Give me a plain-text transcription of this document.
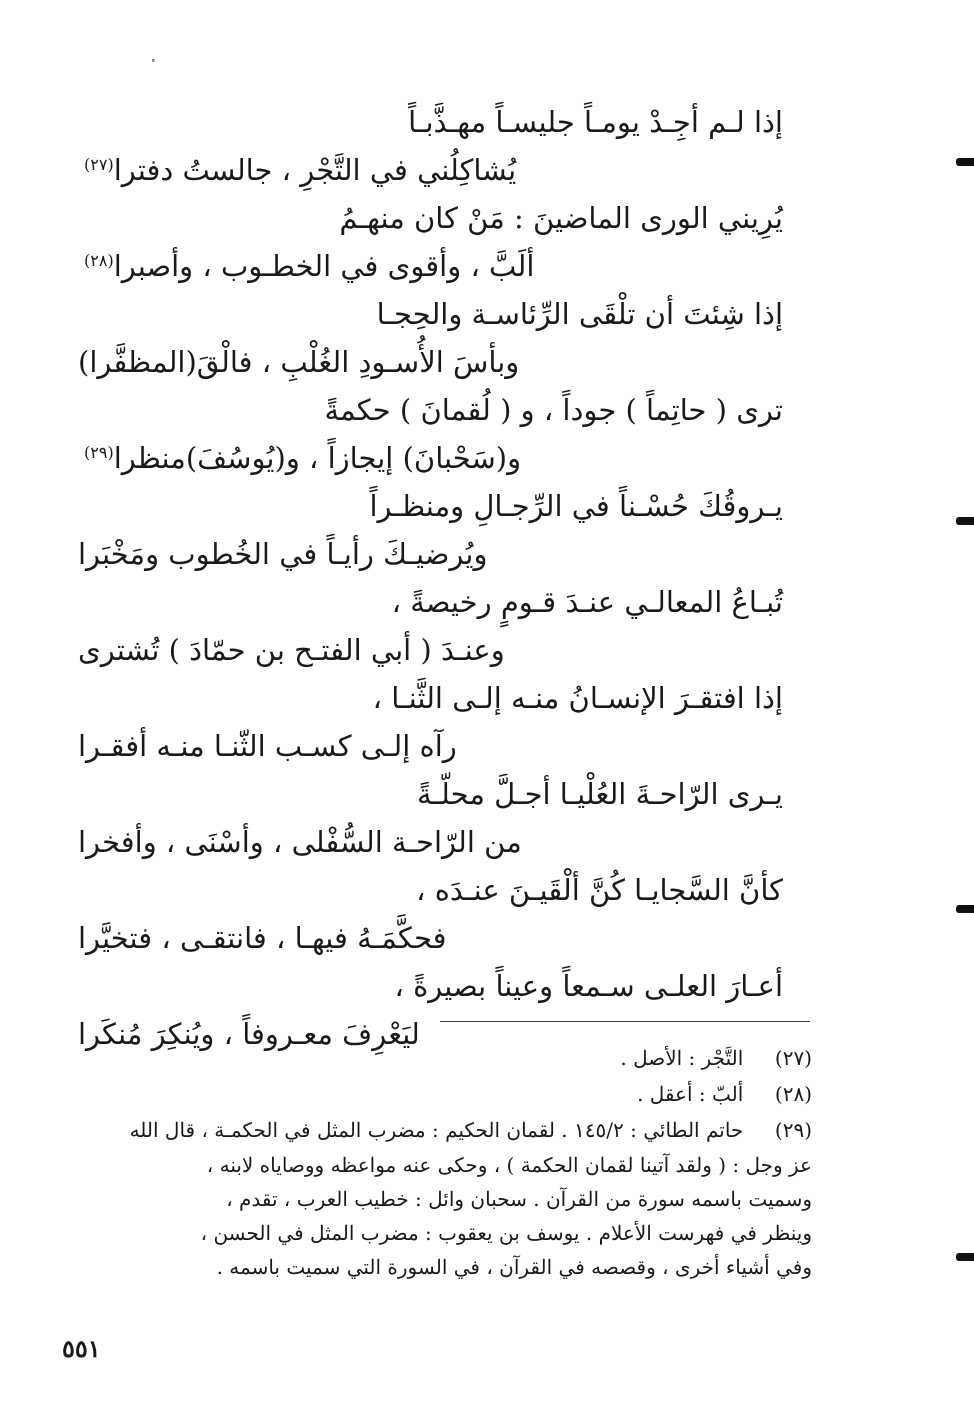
إذا لـم أجِـدْ يومـاً جليسـاً مهـذَّبـاً
يُشاكِلُني في التَّجْرِ ، جالستُ دفترا$^{(٢٧)}$
يُرِيني الورى الماضينَ : مَنْ كان منهـمُ
ألَبَّ ، وأقوى في الخطـوب ، وأصبرا$^{(٢٨)}$
إذا شِئتَ أن تلْقَى الرِّئاسـة والحِجـا
وبأسَ الأُسـودِ الغُلْبِ ، فالْقَ(المظفَّرا)
ترى ( حاتِماً ) جوداً ، و ( لُقمانَ ) حكمةً
و(سَحْبانَ) إيجازاً ، و(يُوسُفَ)منظرا$^{(٢٩)}$
يـروقُكَ حُسْـناً في الرِّجـالِ ومنظـراً
ويُرضيـكَ رأيـاً في الخُطوب ومَخْبَرا
تُبـاعُ المعالـي عنـدَ قـومٍ رخيصةً ،
وعنـدَ ( أبي الفتـح بن حمّادَ ) تُشترى
إذا افتقـرَ الإنسـانُ منـه إلـى الثَّنـا ،
رآه إلـى كسـب الثّنـا منـه أفقـرا
يـرى الرّاحـةَ العُلْيـا أجـلَّ محلّـةً
من الرّاحـة السُّفْلى ، وأسْنَى ، وأفخرا
كأنَّ السَّجايـا كُنَّ ألْقَيـنَ عنـدَه ،
فحكَّمَـهُ فيهـا ، فانتقـى ، فتخيَّرا
أعـارَ العلـى سـمعاً وعيناً بصيرةً ،
ليَعْرِفَ معـروفاً ، ويُنكِرَ مُنكَرا
(٢٧)  التَّجْر : الأصل .
(٢٨)  ألبّ : أعقل .
(٢٩)  حاتم الطائي : ١٤٥/٢ . لقمان الحكيم : مضرب المثل في الحكمـة ، قال الله
عز وجل : ( ولقد آتينا لقمان الحكمة ) ، وحكى عنه مواعظه ووصاياه لابنه ،
وسميت باسمه سورة من القرآن . سحبان وائل : خطيب العرب ، تقدم ،
وينظر في فهرست الأعلام . يوسف بن يعقوب : مضرب المثل في الحسن ،
وفي أشياء أخرى ، وقصصه في القرآن ، في السورة التي سميت باسمه .
٥٥١
